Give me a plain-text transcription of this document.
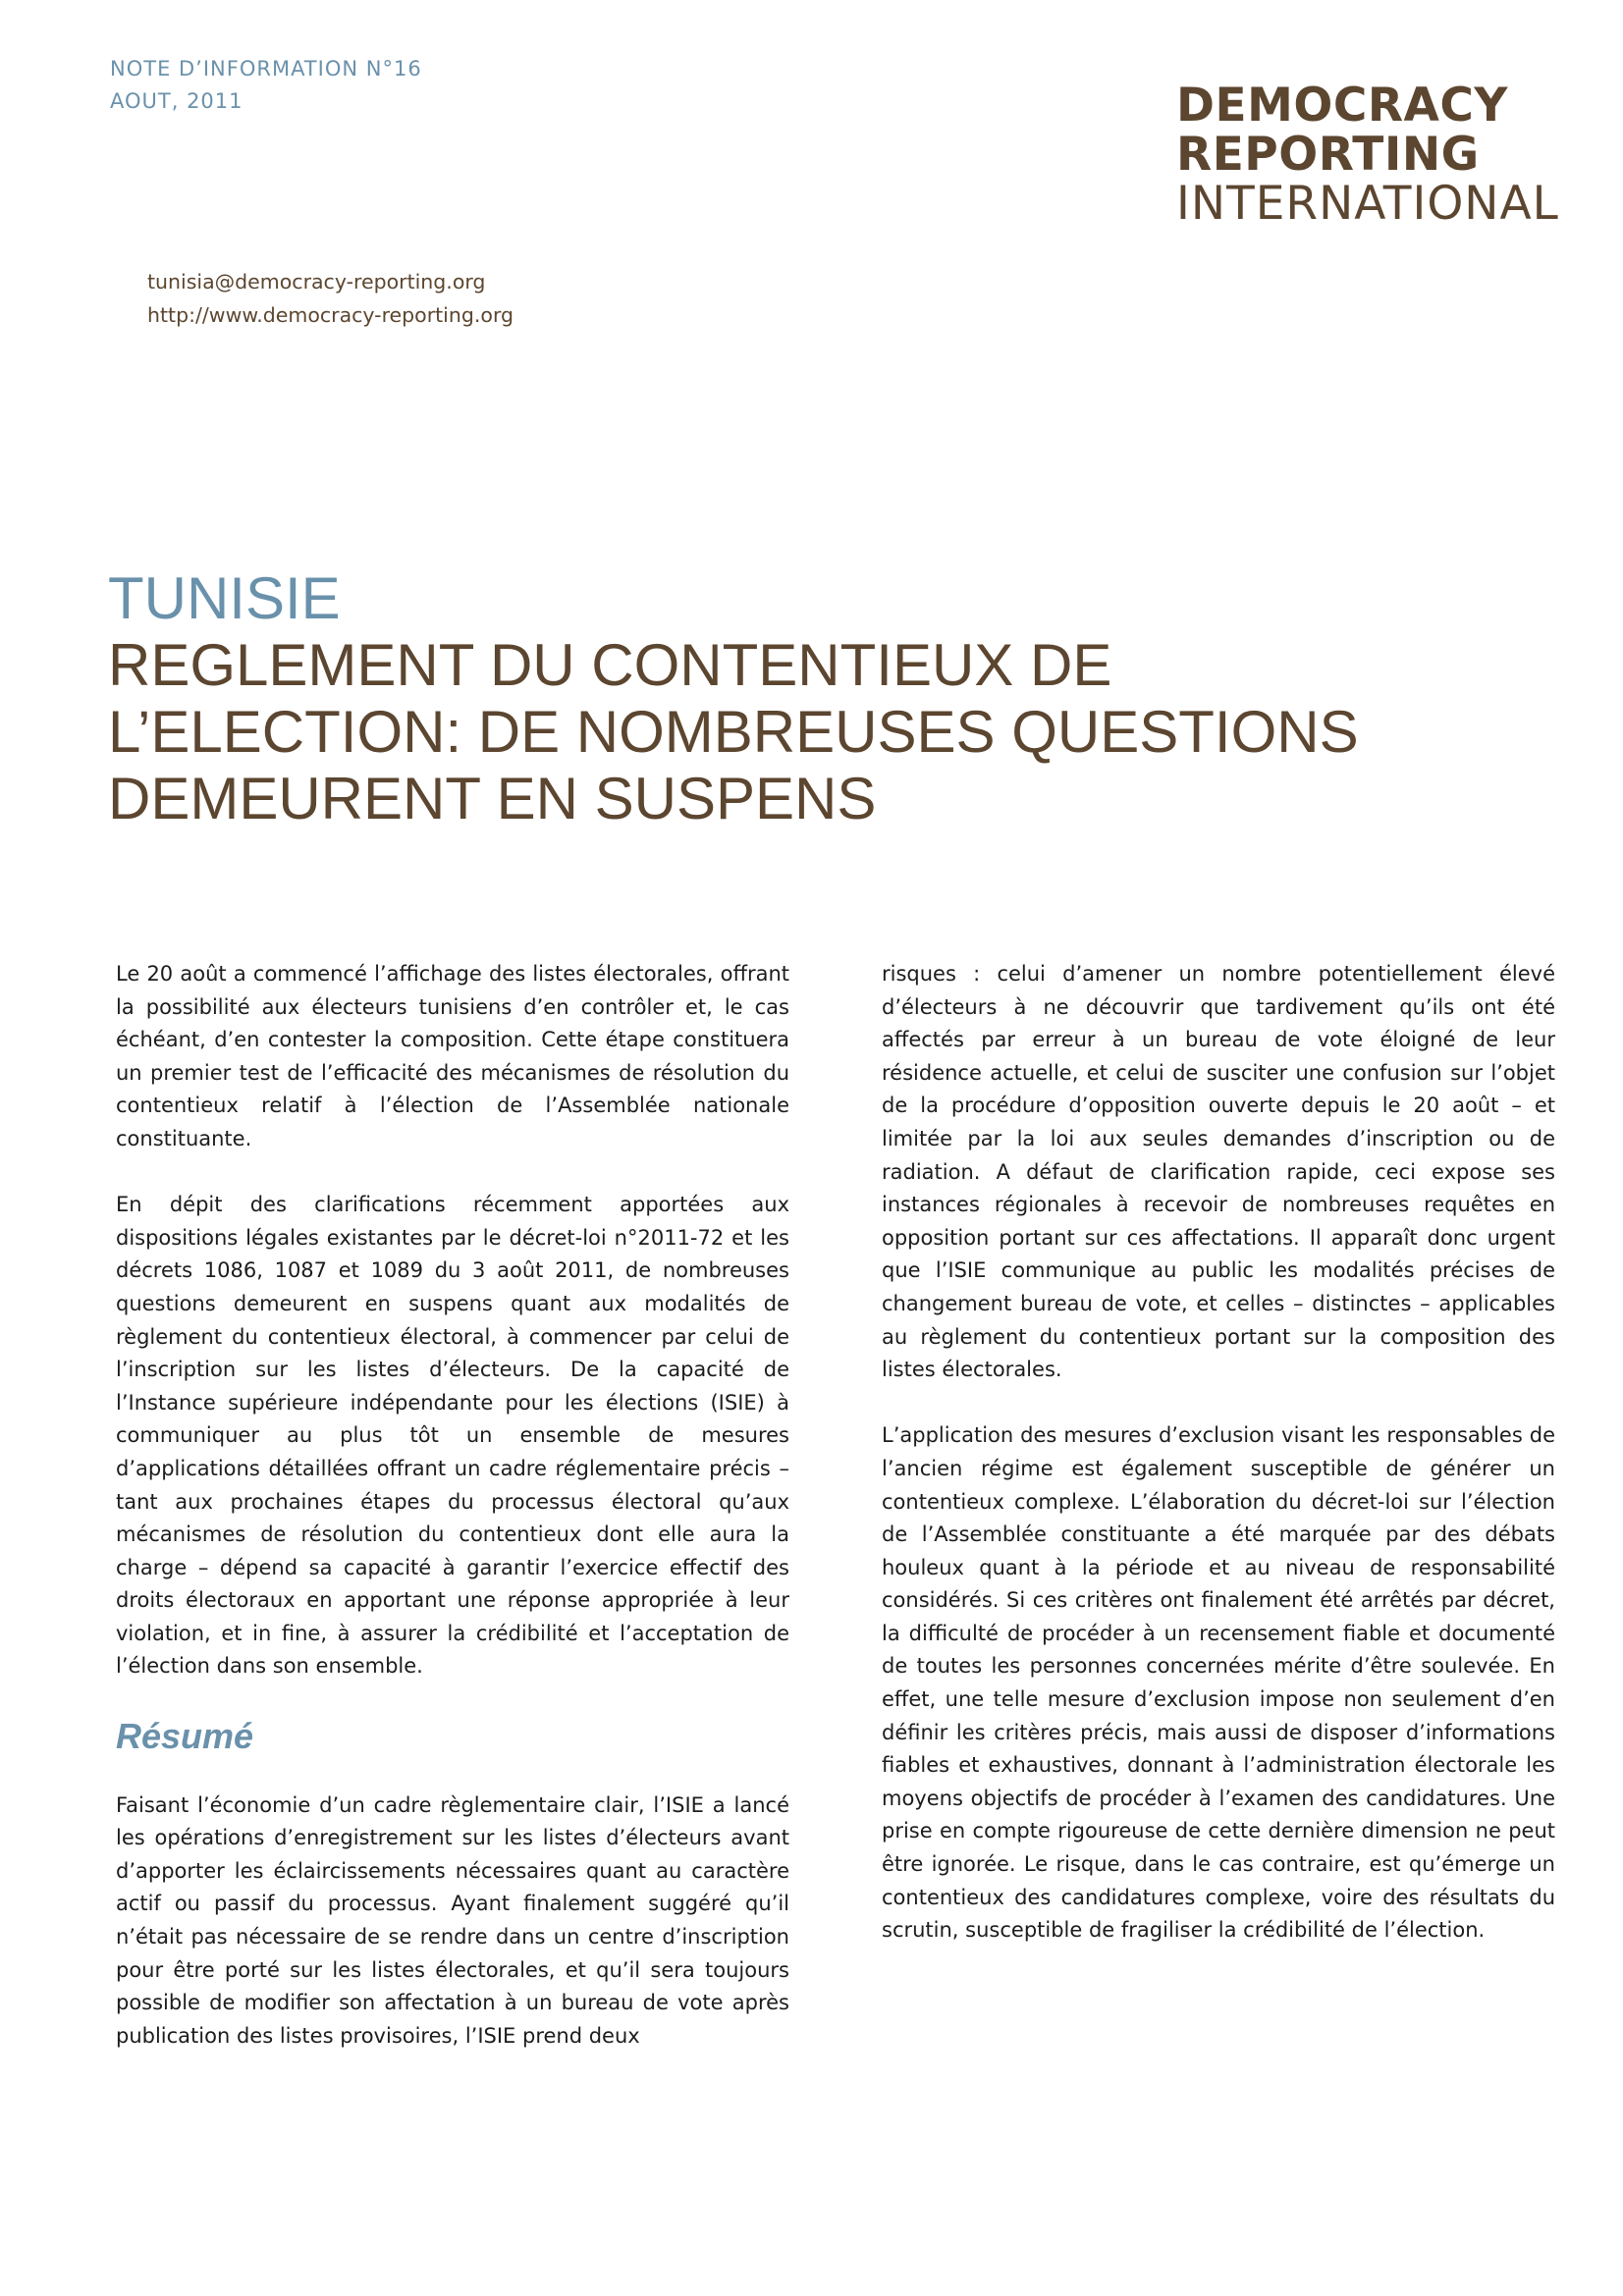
NOTE D’INFORMATION N°16
AOUT, 2011	DEMOCRACY
REPORTING
INTERNATIONAL
tunisia@democracy-reporting.org
http://www.democracy-reporting.org
TUNISIE
REGLEMENT DU CONTENTIEUX DE
L’ELECTION: DE NOMBREUSES QUESTIONS
DEMEURENT EN SUSPENS

Le 20 août a commencé l’affichage des listes électorales, offrant la possibilité aux électeurs tunisiens d’en contrôler et, le cas échéant, d’en contester la composition. Cette étape constituera un premier test de l’efficacité des mécanismes de résolution du contentieux relatif à l’élection de l’Assemblée nationale constituante.

En dépit des clarifications récemment apportées aux dispositions légales existantes par le décret-loi n°2011-72 et les décrets 1086, 1087 et 1089 du 3 août 2011, de nombreuses questions demeurent en suspens quant aux modalités de règlement du contentieux électoral, à commencer par celui de l’inscription sur les listes d’électeurs. De la capacité de l’Instance supérieure indépendante pour les élections (ISIE) à communiquer au plus tôt un ensemble de mesures d’applications détaillées offrant un cadre réglementaire précis – tant aux prochaines étapes du processus électoral qu’aux mécanismes de résolution du contentieux dont elle aura la charge – dépend sa capacité à garantir l’exercice effectif des droits électoraux en apportant une réponse appropriée à leur violation, et in fine, à assurer la crédibilité et l’acceptation de l’élection dans son ensemble.

Résumé

Faisant l’économie d’un cadre règlementaire clair, l’ISIE a lancé les opérations d’enregistrement sur les listes d’électeurs avant d’apporter les éclaircissements nécessaires quant au caractère actif ou passif du processus. Ayant finalement suggéré qu’il n’était pas nécessaire de se rendre dans un centre d’inscription pour être porté sur les listes électorales, et qu’il sera toujours possible de modifier son affectation à un bureau de vote après publication des listes provisoires, l’ISIE prend deux

risques : celui d’amener un nombre potentiellement élevé d’électeurs à ne découvrir que tardivement qu’ils ont été affectés par erreur à un bureau de vote éloigné de leur résidence actuelle, et celui de susciter une confusion sur l’objet de la procédure d’opposition ouverte depuis le 20 août – et limitée par la loi aux seules demandes d’inscription ou de radiation. A défaut de clarification rapide, ceci expose ses instances régionales à recevoir de nombreuses requêtes en opposition portant sur ces affectations. Il apparaît donc urgent que l’ISIE communique au public les modalités précises de changement bureau de vote, et celles – distinctes – applicables au règlement du contentieux portant sur la composition des listes électorales.

L’application des mesures d’exclusion visant les responsables de l’ancien régime est également susceptible de générer un contentieux complexe. L’élaboration du décret-loi sur l’élection de l’Assemblée constituante a été marquée par des débats houleux quant à la période et au niveau de responsabilité considérés. Si ces critères ont finalement été arrêtés par décret, la difficulté de procéder à un recensement fiable et documenté de toutes les personnes concernées mérite d’être soulevée. En effet, une telle mesure d’exclusion impose non seulement d’en définir les critères précis, mais aussi de disposer d’informations fiables et exhaustives, donnant à l’administration électorale les moyens objectifs de procéder à l’examen des candidatures. Une prise en compte rigoureuse de cette dernière dimension ne peut être ignorée. Le risque, dans le cas contraire, est qu’émerge un contentieux des candidatures complexe, voire des résultats du scrutin, susceptible de fragiliser la crédibilité de l’élection.
